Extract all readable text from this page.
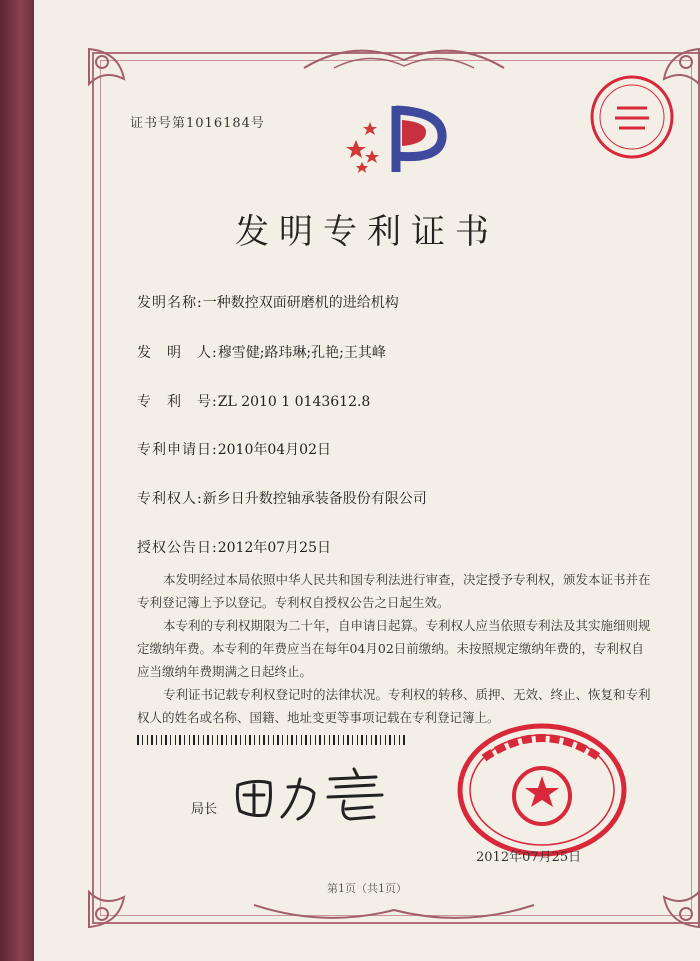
证书号第1016184号
发明专利证书
发明名称:一种数控双面研磨机的进给机构
发　明　人:穆雪健;路玮琳;孔艳;王其峰
专　利　号:ZL 2010 1 0143612.8
专利申请日:2010年04月02日
专利权人:新乡日升数控轴承装备股份有限公司
授权公告日:2012年07月25日

本发明经过本局依照中华人民共和国专利法进行审查，决定授予专利权，颁发本证书并在专利登记簿上予以登记。专利权自授权公告之日起生效。

本专利的专利权期限为二十年，自申请日起算。专利权人应当依照专利法及其实施细则规定缴纳年费。本专利的年费应当在每年04月02日前缴纳。未按照规定缴纳年费的，专利权自应当缴纳年费期满之日起终止。

专利证书记载专利权登记时的法律状况。专利权的转移、质押、无效、终止、恢复和专利权人的姓名或名称、国籍、地址变更等事项记载在专利登记簿上。

局长
2012年07月25日
第1页（共1页）
